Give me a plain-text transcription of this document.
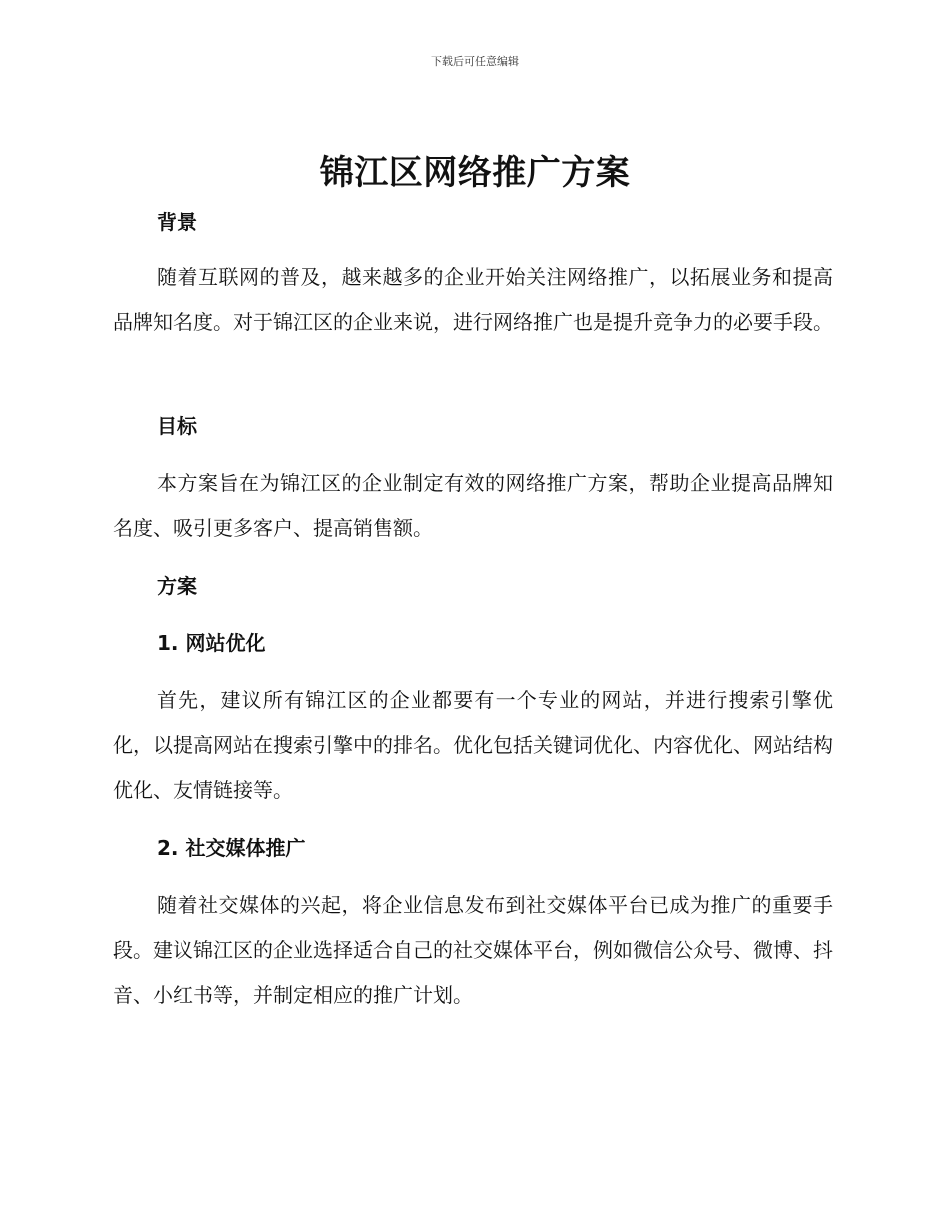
下载后可任意编辑
锦江区网络推广方案
背景
随着互联网的普及，越来越多的企业开始关注网络推广，以拓展业务和提高品牌知名度。对于锦江区的企业来说，进行网络推广也是提升竞争力的必要手段。
目标
本方案旨在为锦江区的企业制定有效的网络推广方案，帮助企业提高品牌知名度、吸引更多客户、提高销售额。
方案
1. 网站优化
首先，建议所有锦江区的企业都要有一个专业的网站，并进行搜索引擎优化，以提高网站在搜索引擎中的排名。优化包括关键词优化、内容优化、网站结构优化、友情链接等。
2. 社交媒体推广
随着社交媒体的兴起，将企业信息发布到社交媒体平台已成为推广的重要手段。建议锦江区的企业选择适合自己的社交媒体平台，例如微信公众号、微博、抖音、小红书等，并制定相应的推广计划。
